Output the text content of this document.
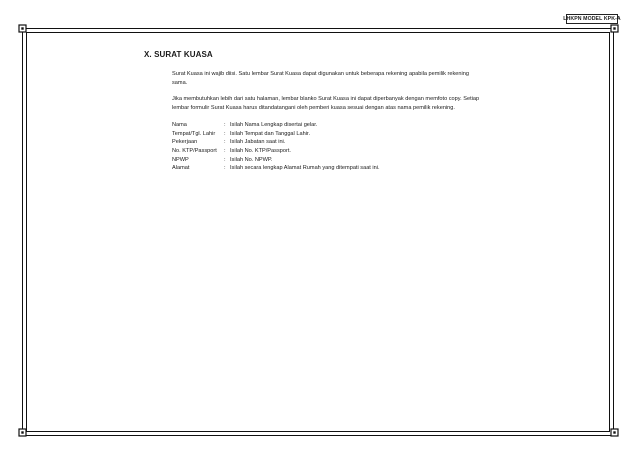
LHKPN MODEL KPK-A
X. SURAT KUASA

Surat Kuasa ini wajib diisi. Satu lembar Surat Kuasa dapat digunakan untuk beberapa rekening apabila pemilik rekening sama.

Jika membutuhkan lebih dari satu halaman, lembar blanko Surat Kuasa ini dapat diperbanyak dengan memfoto copy. Setiap lembar formulir Surat Kuasa harus ditandatangani oleh pemberi kuasa sesuai dengan atas nama pemilik rekening.

Nama	:	Isilah Nama Lengkap disertai gelar.
Tempat/Tgl. Lahir	:	Isilah Tempat dan Tanggal Lahir.
Pekerjaan	:	Isilah Jabatan saat ini.
No. KTP/Passport	:	Isilah No. KTP/Passport.
NPWP	:	Isilah No. NPWP.
Alamat	:	Isilah secara lengkap Alamat Rumah yang ditempati saat ini.
